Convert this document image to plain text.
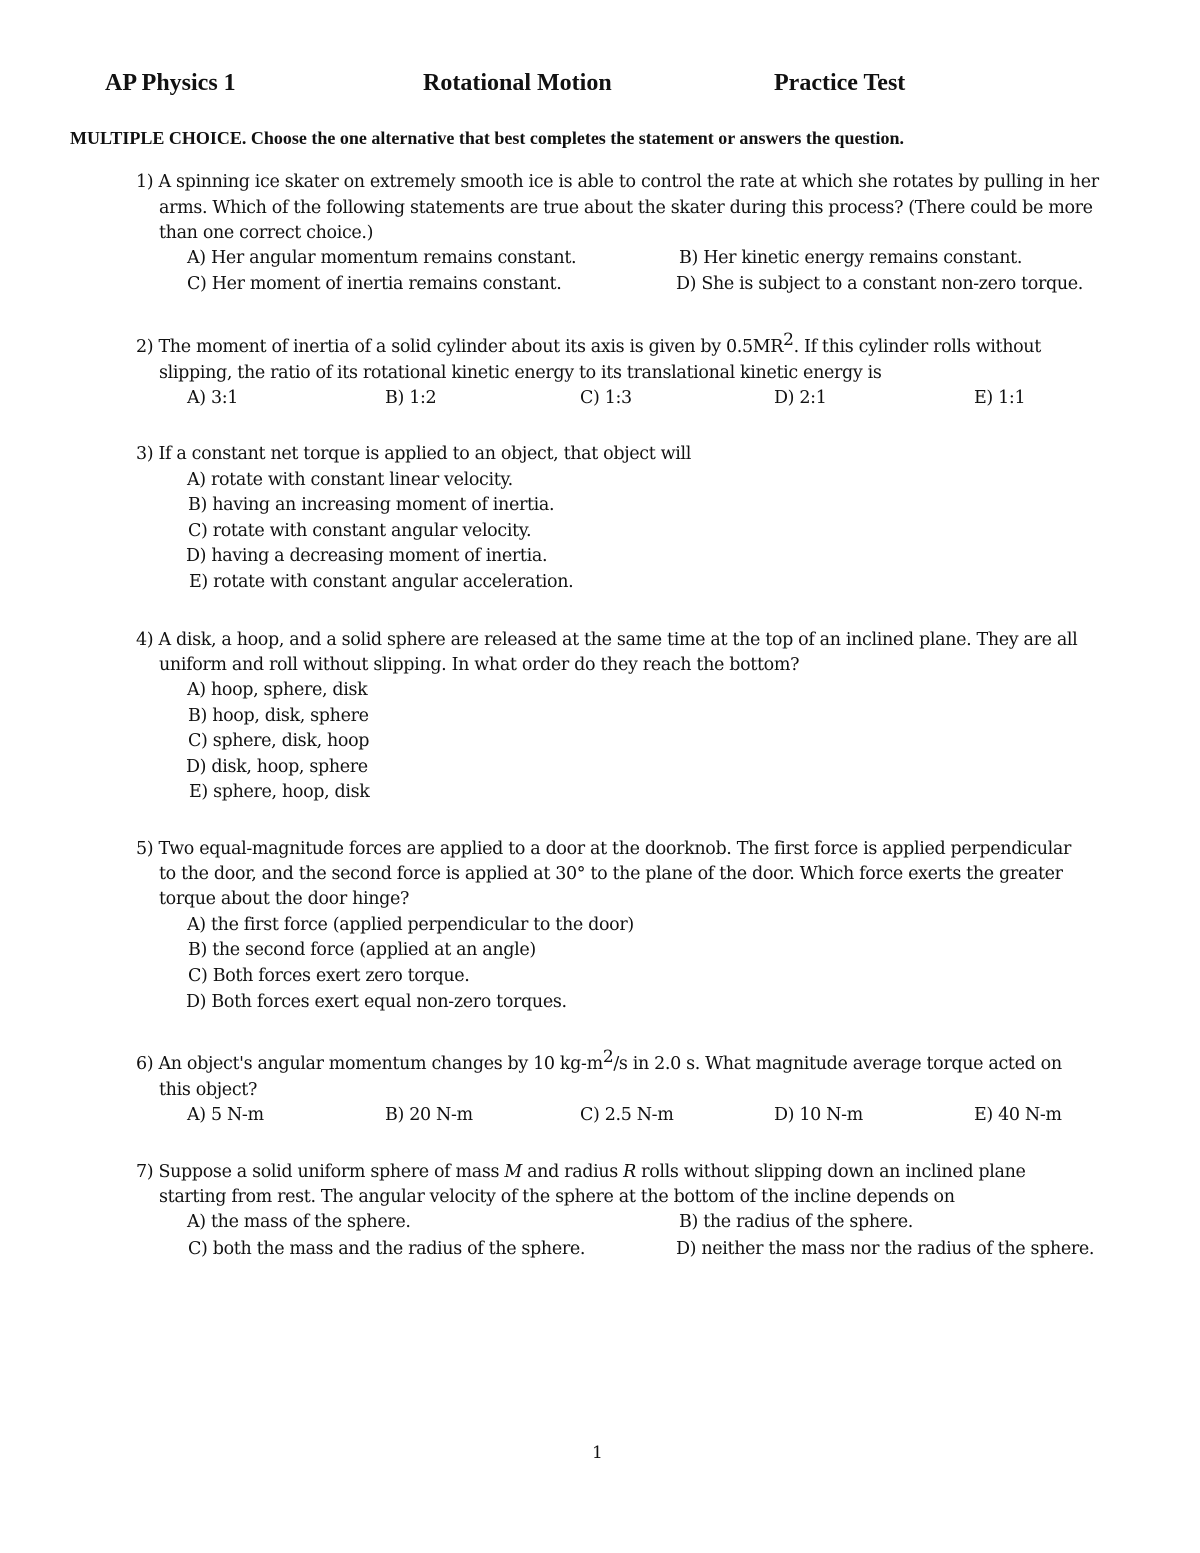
AP Physics 1	Rotational Motion	Practice Test
MULTIPLE CHOICE. Choose the one alternative that best completes the statement or answers the question.
1) A spinning ice skater on extremely smooth ice is able to control the rate at which she rotates by pulling in her
arms. Which of the following statements are true about the skater during this process? (There could be more
than one correct choice.)
A) Her angular momentum remains constant.	B) Her kinetic energy remains constant.
C) Her moment of inertia remains constant.	D) She is subject to a constant non-zero torque.
2) The moment of inertia of a solid cylinder about its axis is given by $0.5MR^2$. If this cylinder rolls without
slipping, the ratio of its rotational kinetic energy to its translational kinetic energy is
A) 3:1	B) 1:2	C) 1:3	D) 2:1	E) 1:1
3) If a constant net torque is applied to an object, that object will
A) rotate with constant linear velocity.
B) having an increasing moment of inertia.
C) rotate with constant angular velocity.
D) having a decreasing moment of inertia.
E) rotate with constant angular acceleration.
4) A disk, a hoop, and a solid sphere are released at the same time at the top of an inclined plane. They are all
uniform and roll without slipping. In what order do they reach the bottom?
A) hoop, sphere, disk
B) hoop, disk, sphere
C) sphere, disk, hoop
D) disk, hoop, sphere
E) sphere, hoop, disk
5) Two equal-magnitude forces are applied to a door at the doorknob. The first force is applied perpendicular
to the door, and the second force is applied at 30° to the plane of the door. Which force exerts the greater
torque about the door hinge?
A) the first force (applied perpendicular to the door)
B) the second force (applied at an angle)
C) Both forces exert zero torque.
D) Both forces exert equal non-zero torques.
6) An object's angular momentum changes by 10 $kg-m^2/s$ in 2.0 s. What magnitude average torque acted on
this object?
A) 5 N-m	B) 20 N-m	C) 2.5 N-m	D) 10 N-m	E) 40 N-m
7) Suppose a solid uniform sphere of mass M and radius R rolls without slipping down an inclined plane
starting from rest. The angular velocity of the sphere at the bottom of the incline depends on
A) the mass of the sphere.	B) the radius of the sphere.
C) both the mass and the radius of the sphere.	D) neither the mass nor the radius of the sphere.
1
